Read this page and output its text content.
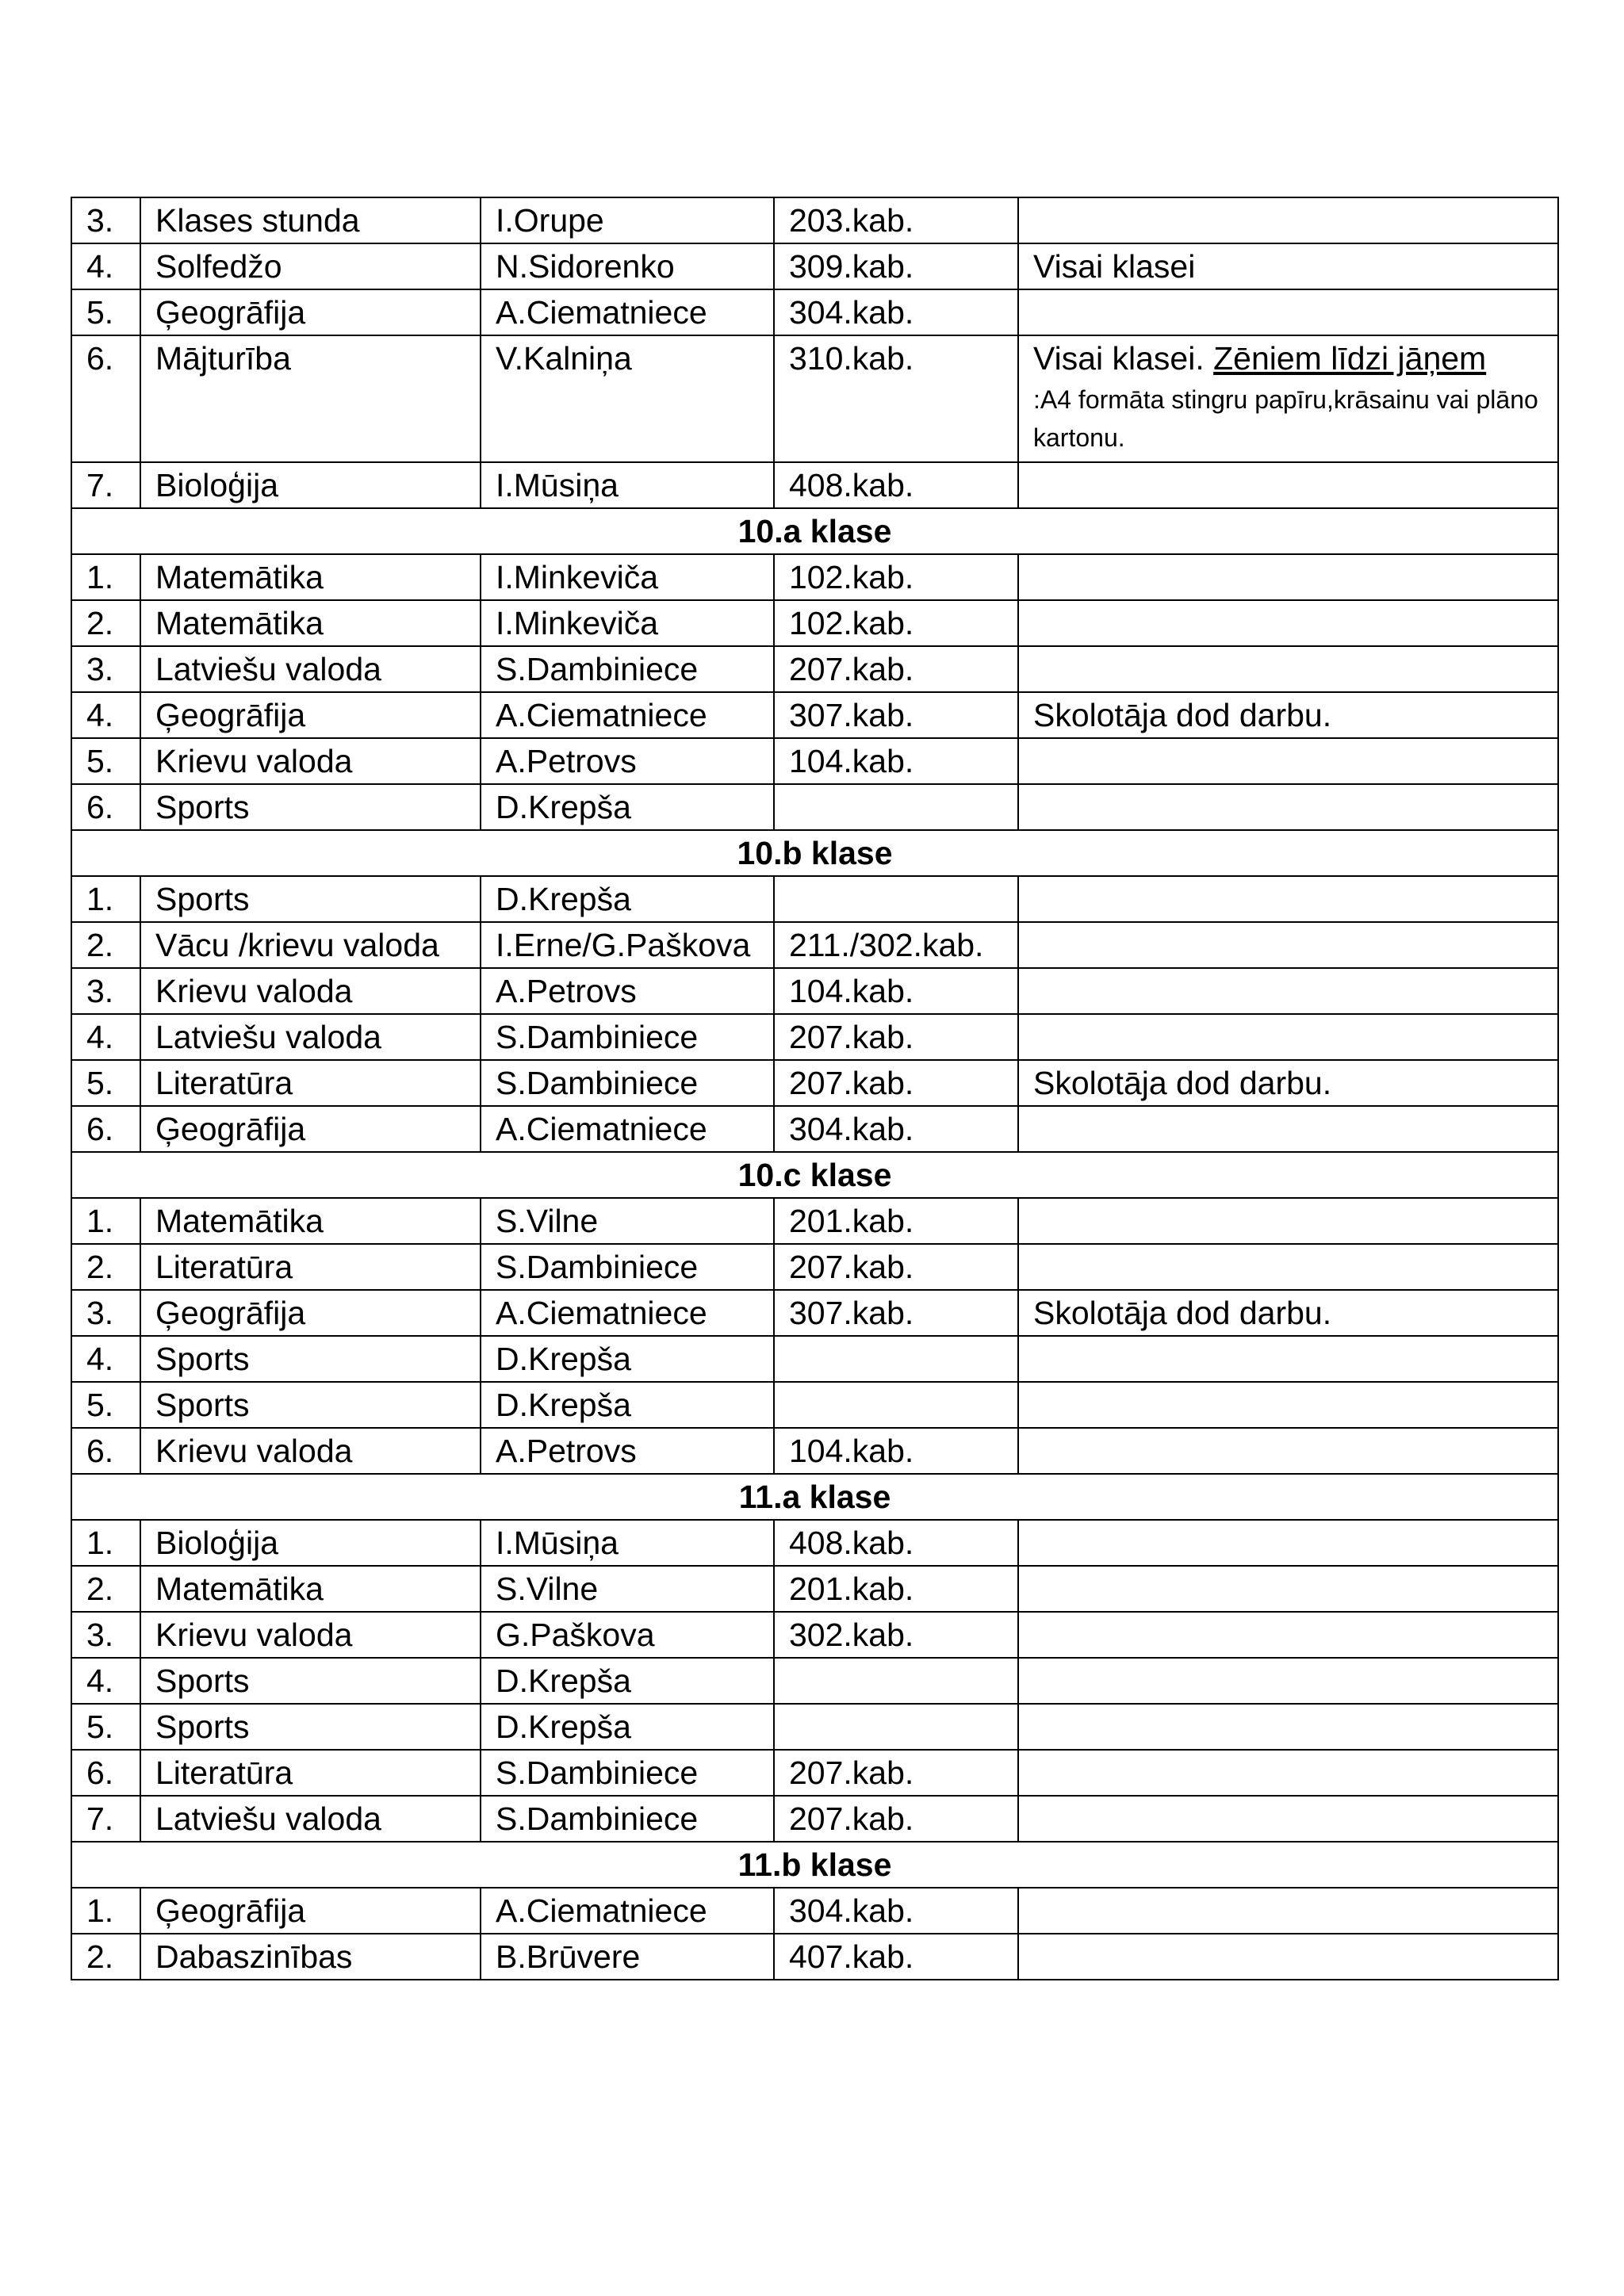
3.	Klases stunda	I.Orupe	203.kab.	
4.	Solfedžo	N.Sidorenko	309.kab.	Visai klasei
5.	Ģeogrāfija	A.Ciematniece	304.kab.	
6.	Mājturība	V.Kalniņa	310.kab.	Visai klasei. Zēniem līdzi jāņem
:A4 formāta stingru papīru,krāsainu vai plāno kartonu.

7.	Bioloģija	I.Mūsiņa	408.kab.	
10.a klase				
1.	Matemātika	I.Minkeviča	102.kab.	
2.	Matemātika	I.Minkeviča	102.kab.	
3.	Latviešu valoda	S.Dambiniece	207.kab.	
4.	Ģeogrāfija	A.Ciematniece	307.kab.	Skolotāja dod darbu.
5.	Krievu valoda	A.Petrovs	104.kab.	
6.	Sports	D.Krepša		
10.b klase				
1.	Sports	D.Krepša		
2.	Vācu /krievu valoda	I.Erne/G.Paškova	211./302.kab.	
3.	Krievu valoda	A.Petrovs	104.kab.	
4.	Latviešu valoda	S.Dambiniece	207.kab.	
5.	Literatūra	S.Dambiniece	207.kab.	Skolotāja dod darbu.
6.	Ģeogrāfija	A.Ciematniece	304.kab.	
10.c klase				
1.	Matemātika	S.Vilne	201.kab.	
2.	Literatūra	S.Dambiniece	207.kab.	
3.	Ģeogrāfija	A.Ciematniece	307.kab.	Skolotāja dod darbu.
4.	Sports	D.Krepša		
5.	Sports	D.Krepša		
6.	Krievu valoda	A.Petrovs	104.kab.	
11.a klase				
1.	Bioloģija	I.Mūsiņa	408.kab.	
2.	Matemātika	S.Vilne	201.kab.	
3.	Krievu valoda	G.Paškova	302.kab.	
4.	Sports	D.Krepša		
5.	Sports	D.Krepša		
6.	Literatūra	S.Dambiniece	207.kab.	
7.	Latviešu valoda	S.Dambiniece	207.kab.	
11.b klase				
1.	Ģeogrāfija	A.Ciematniece	304.kab.	
2.	Dabaszinības	B.Brūvere	407.kab.	
